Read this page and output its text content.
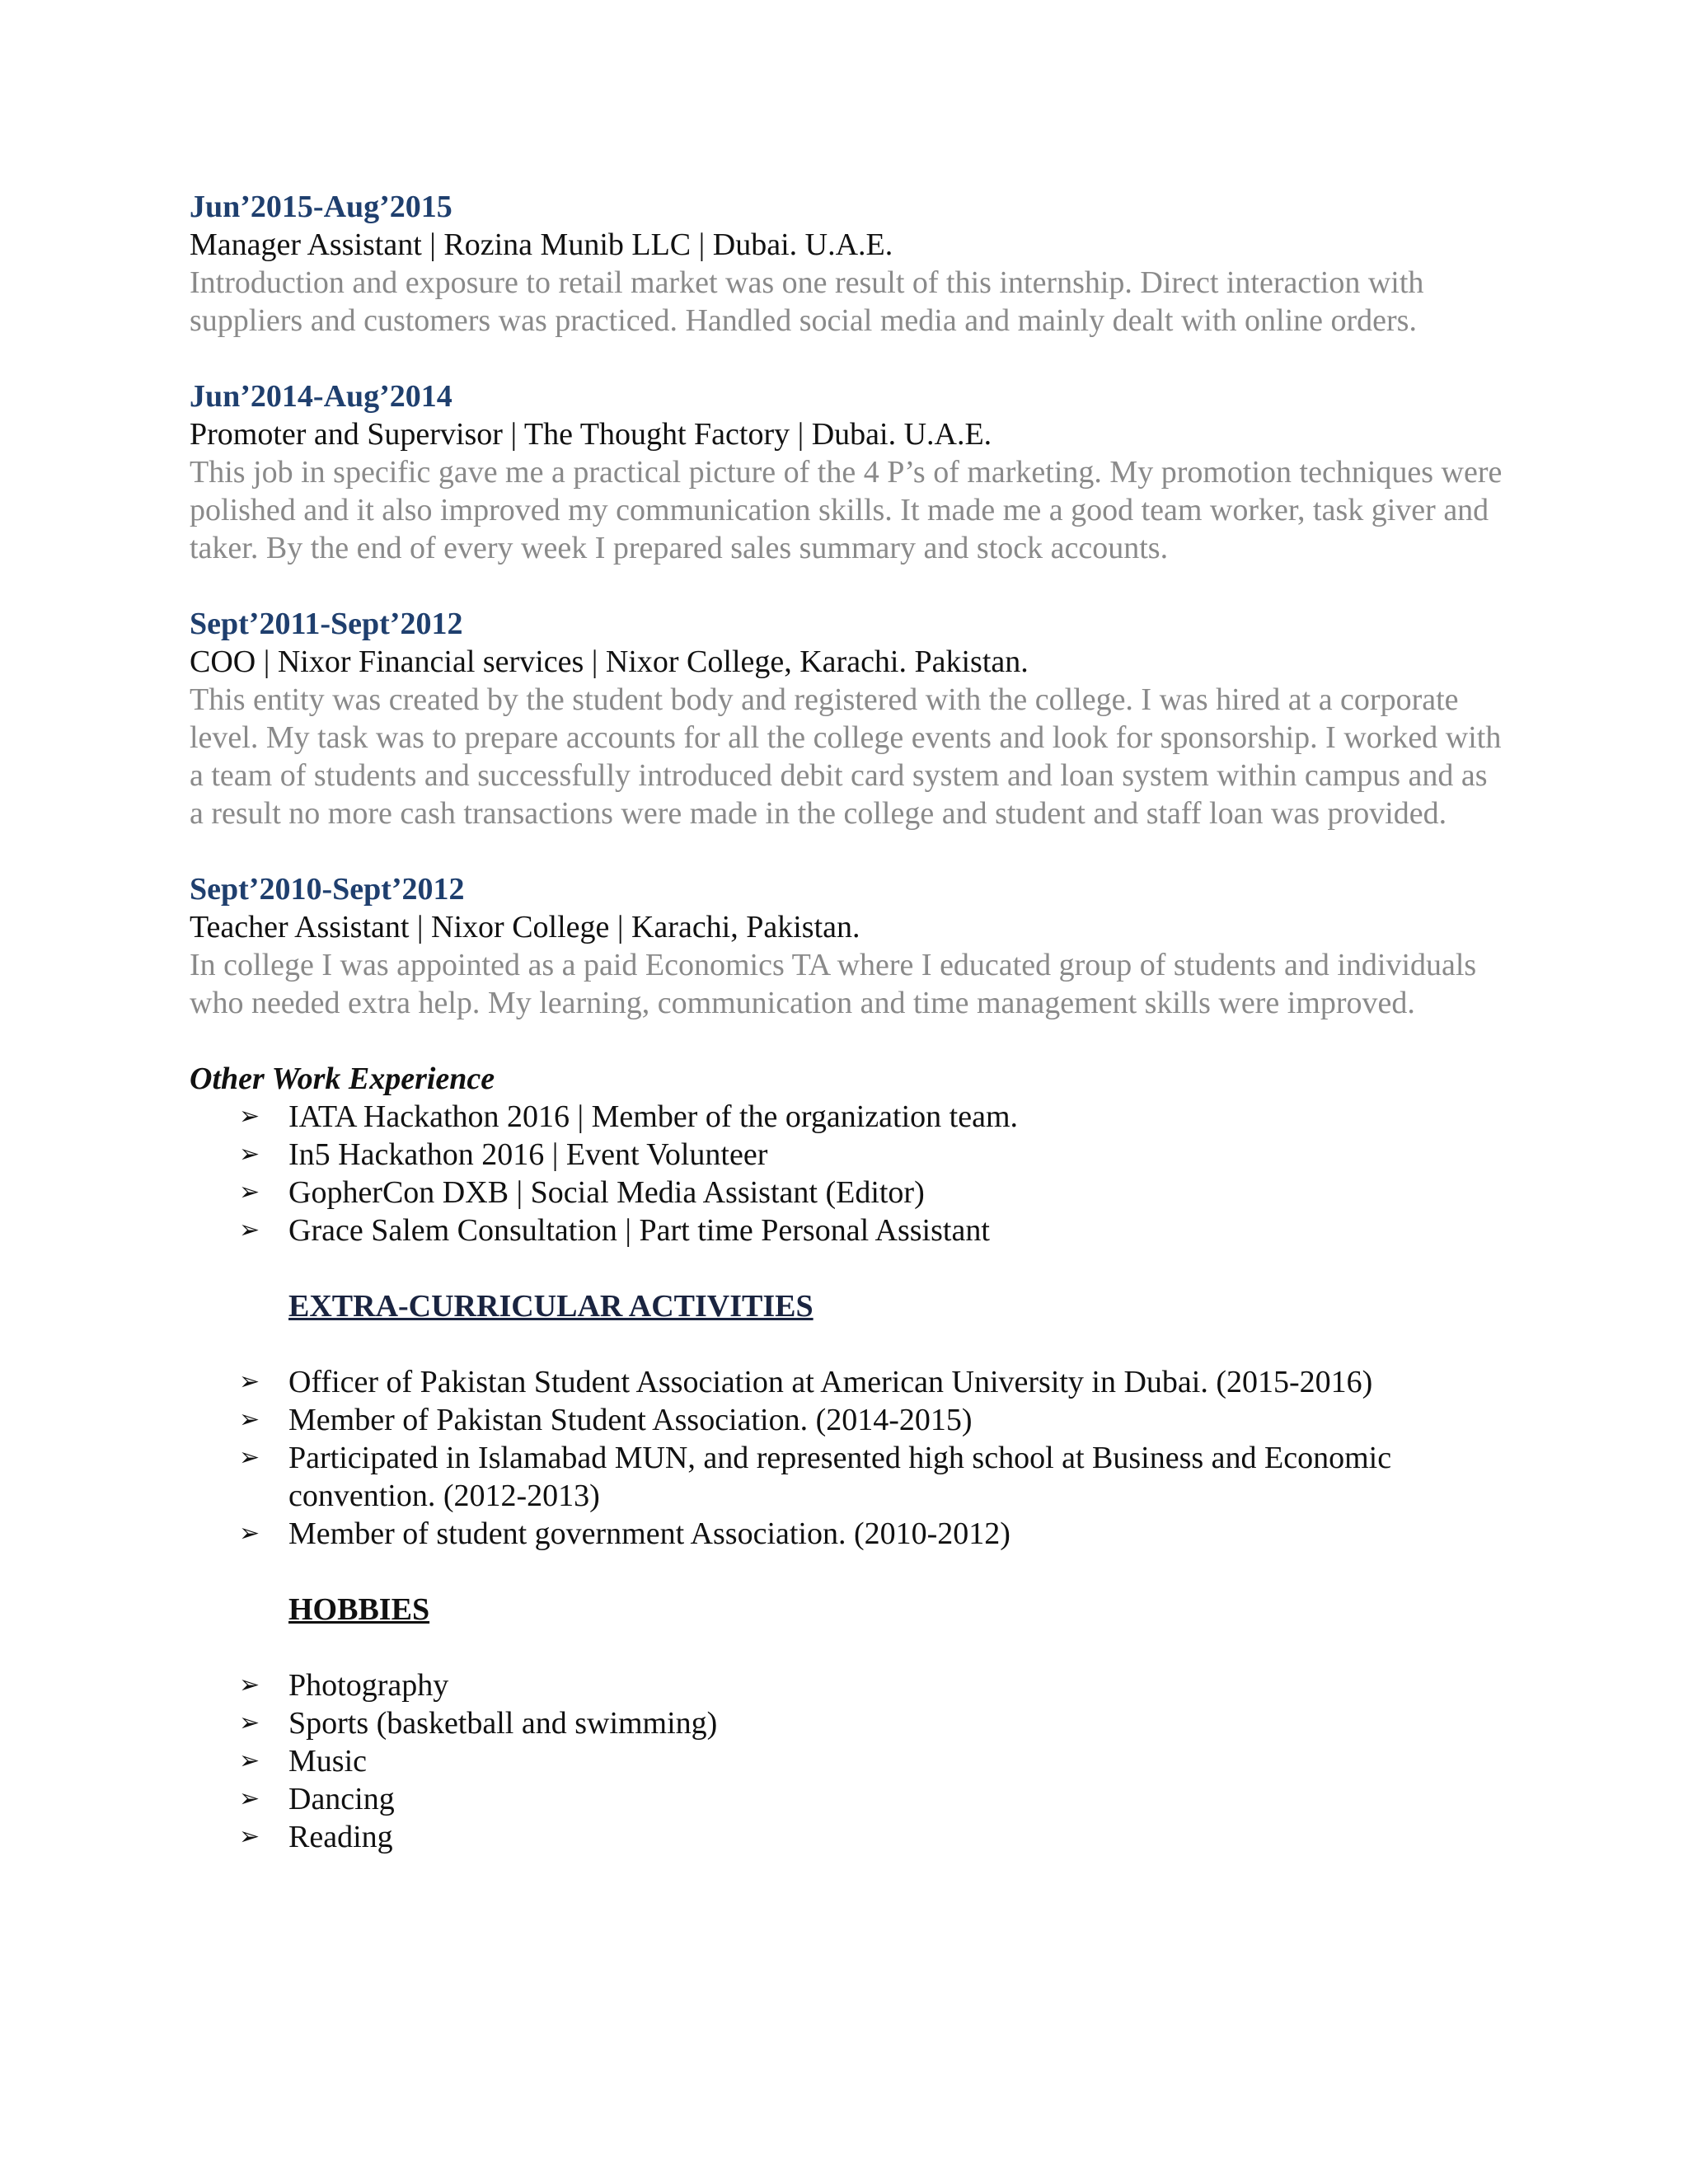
Jun’2015-Aug’2015
Manager Assistant | Rozina Munib LLC | Dubai. U.A.E.
Introduction and exposure to retail market was one result of this internship. Direct interaction with suppliers and customers was practiced. Handled social media and mainly dealt with online orders.
Jun’2014-Aug’2014
Promoter and Supervisor | The Thought Factory | Dubai. U.A.E.
This job in specific gave me a practical picture of the 4 P’s of marketing. My promotion techniques were polished and it also improved my communication skills. It made me a good team worker, task giver and taker. By the end of every week I prepared sales summary and stock accounts.
Sept’2011-Sept’2012
COO | Nixor Financial services | Nixor College, Karachi. Pakistan.
This entity was created by the student body and registered with the college. I was hired at a corporate level. My task was to prepare accounts for all the college events and look for sponsorship. I worked with a team of students and successfully introduced debit card system and loan system within campus and as a result no more cash transactions were made in the college and student and staff loan was provided.
Sept’2010-Sept’2012
Teacher Assistant | Nixor College | Karachi, Pakistan.
In college I was appointed as a paid Economics TA where I educated group of students and individuals who needed extra help. My learning, communication and time management skills were improved.
Other Work Experience
➢ IATA Hackathon 2016 | Member of the organization team.
➢ In5 Hackathon 2016 | Event Volunteer
➢ GopherCon DXB | Social Media Assistant (Editor)
➢ Grace Salem Consultation | Part time Personal Assistant
EXTRA-CURRICULAR ACTIVITIES
➢ Officer of Pakistan Student Association at American University in Dubai. (2015-2016)
➢ Member of Pakistan Student Association. (2014-2015)
➢ Participated in Islamabad MUN, and represented high school at Business and Economic convention. (2012-2013)
➢ Member of student government Association. (2010-2012)
HOBBIES
➢ Photography
➢ Sports (basketball and swimming)
➢ Music
➢ Dancing
➢ Reading
